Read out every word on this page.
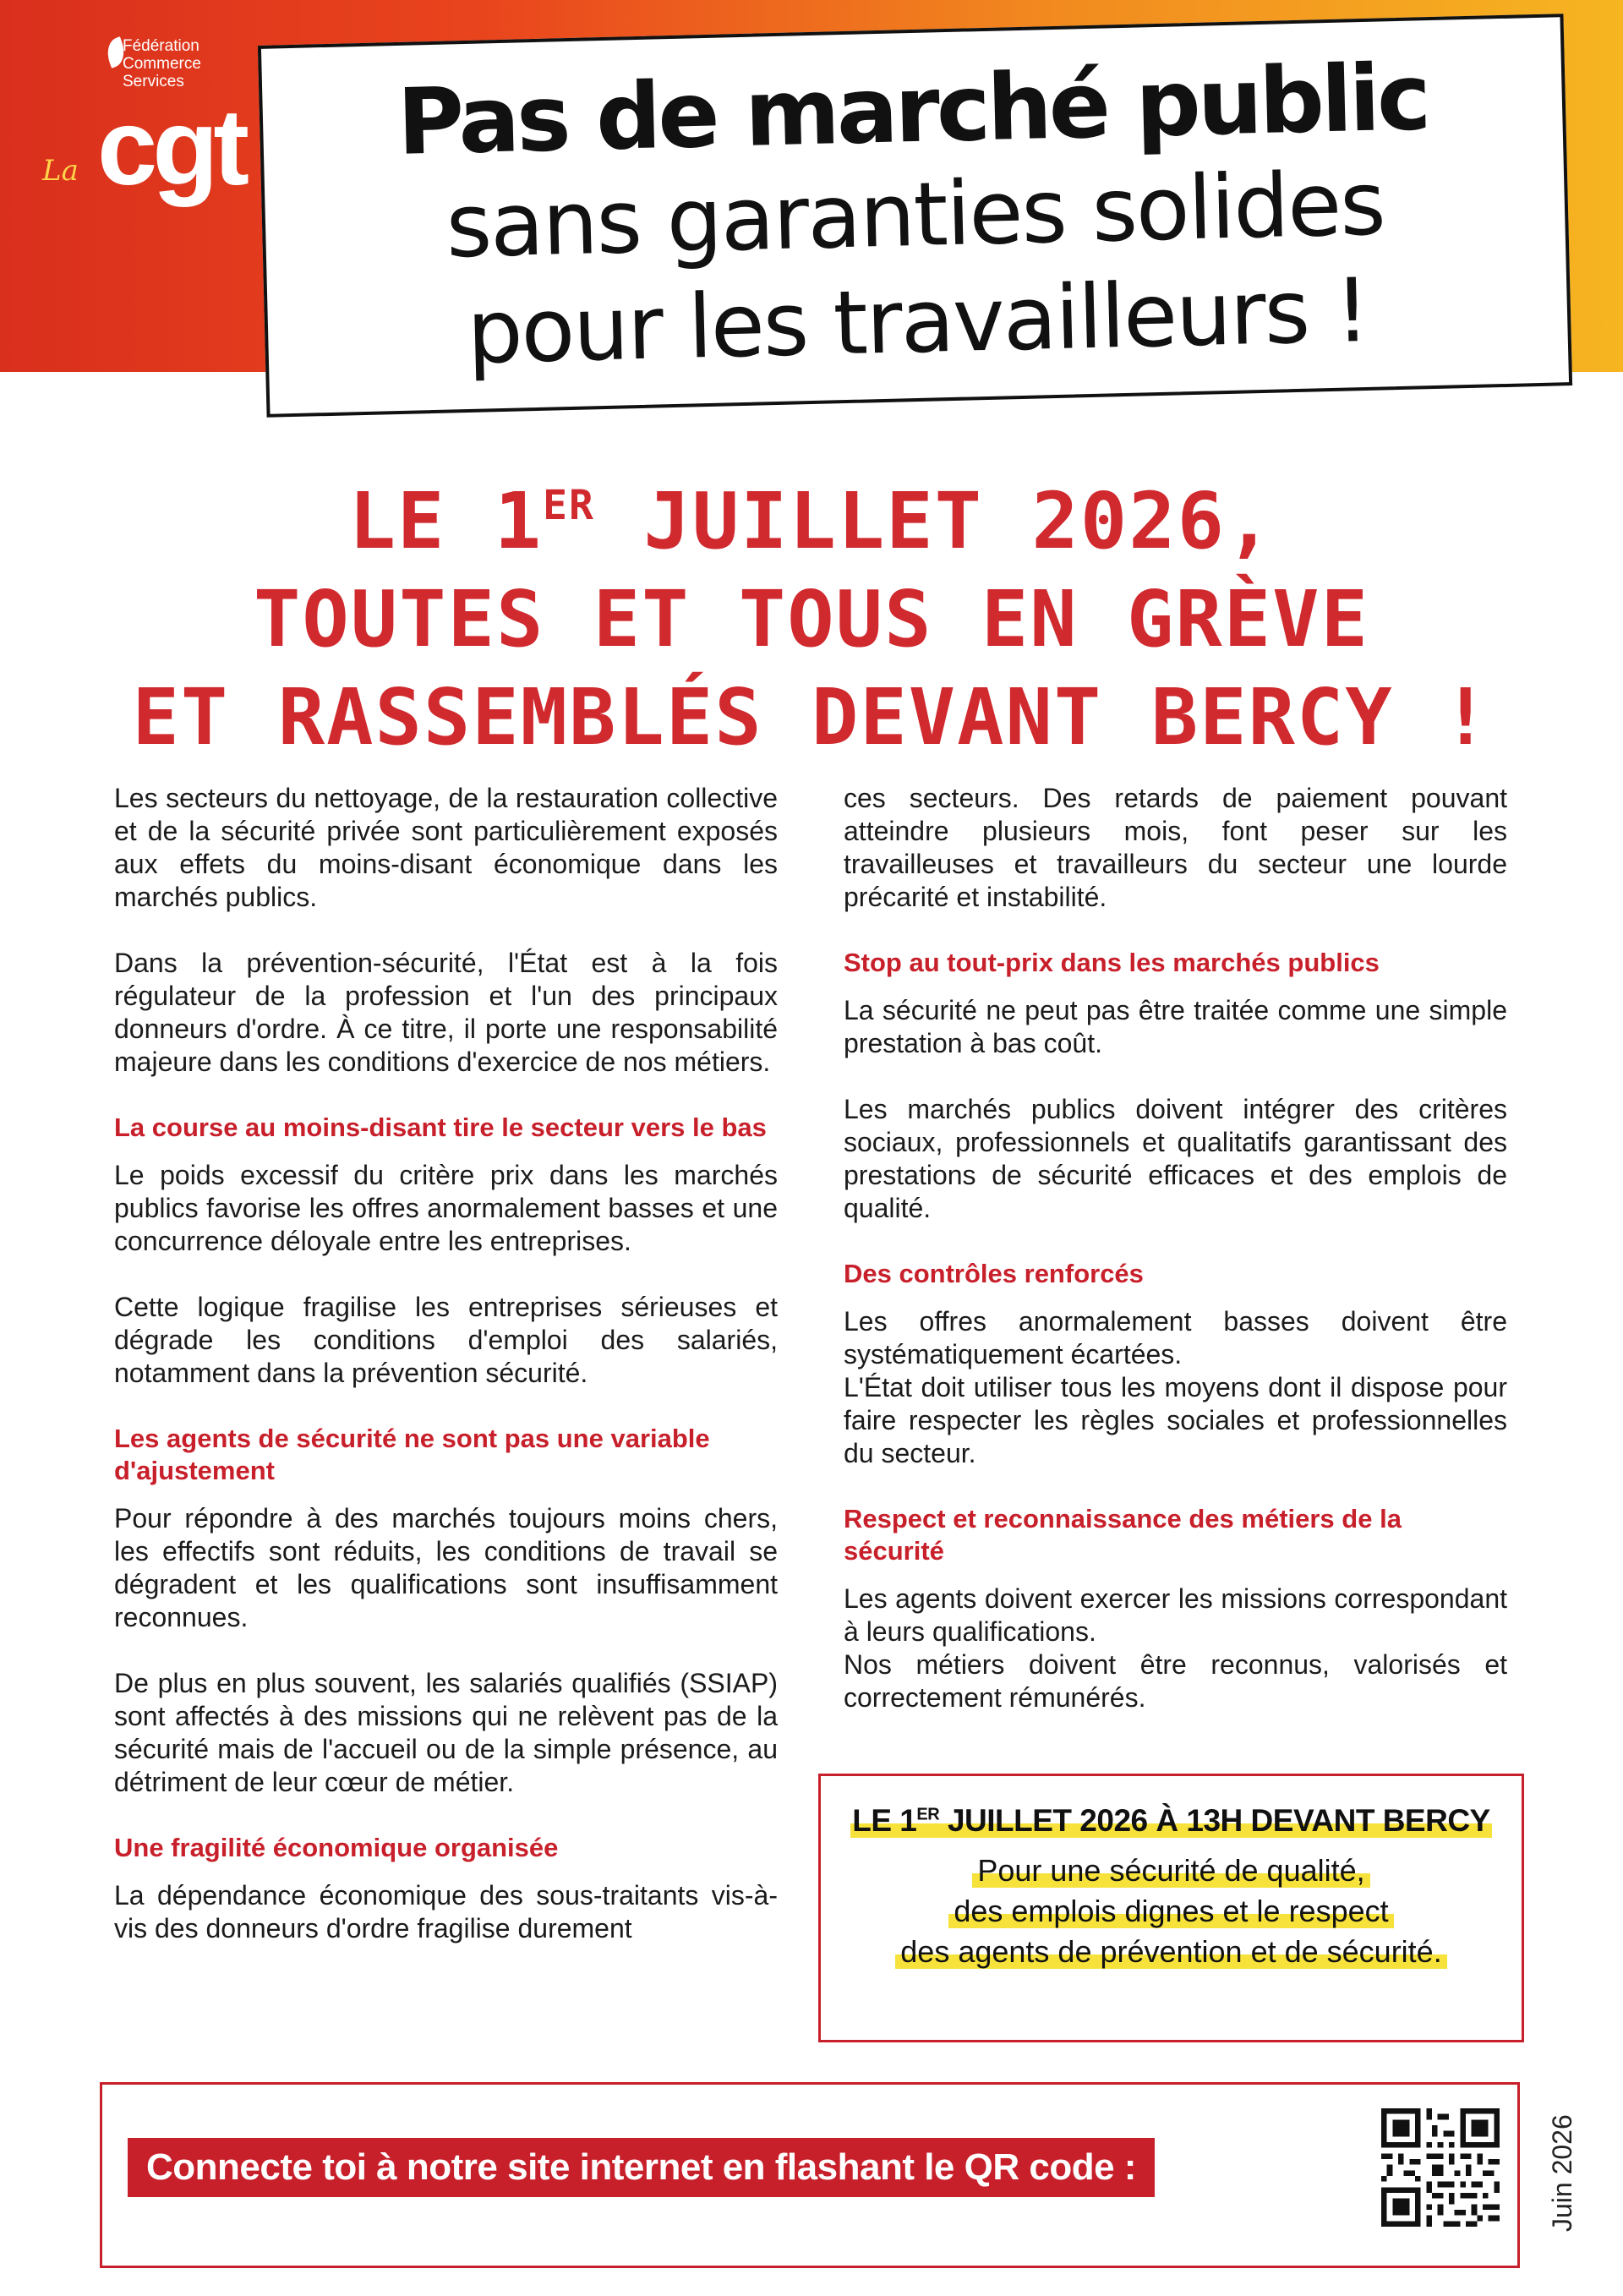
Fédération
Commerce
Services
cgt
La	Pas de marché public
sans garanties solides
pour les travailleurs !
LE 1ER JUILLET 2026,
TOUTES ET TOUS EN GRÈVE
ET RASSEMBLÉS DEVANT BERCY !

Les secteurs du nettoyage, de la restauration collective et de la sécurité privée sont particulièrement exposés aux effets du moins-disant économique dans les marchés publics.

Dans la prévention-sécurité, l'État est à la fois régulateur de la profession et l'un des principaux donneurs d'ordre. À ce titre, il porte une responsabilité majeure dans les conditions d'exercice de nos métiers.

La course au moins-disant tire le secteur vers le bas

Le poids excessif du critère prix dans les marchés publics favorise les offres anormalement basses et une concurrence déloyale entre les entreprises.

Cette logique fragilise les entreprises sérieuses et dégrade les conditions d'emploi des salariés, notamment dans la prévention sécurité.

Les agents de sécurité ne sont pas une variable d'ajustement

Pour répondre à des marchés toujours moins chers, les effectifs sont réduits, les conditions de travail se dégradent et les qualifications sont insuffisamment reconnues.

De plus en plus souvent, les salariés qualifiés (SSIAP) sont affectés à des missions qui ne relèvent pas de la sécurité mais de l'accueil ou de la simple présence, au détriment de leur cœur de métier.

Une fragilité économique organisée

La dépendance économique des sous-traitants vis-à-vis des donneurs d'ordre fragilise durement

ces secteurs. Des retards de paiement pouvant atteindre plusieurs mois, font peser sur les travailleuses et travailleurs du secteur une lourde précarité et instabilité.

Stop au tout-prix dans les marchés publics

La sécurité ne peut pas être traitée comme une simple prestation à bas coût.

Les marchés publics doivent intégrer des critères sociaux, professionnels et qualitatifs garantissant des prestations de sécurité efficaces et des emplois de qualité.

Des contrôles renforcés

Les offres anormalement basses doivent être systématiquement écartées.

L'État doit utiliser tous les moyens dont il dispose pour faire respecter les règles sociales et professionnelles du secteur.

Respect et reconnaissance des métiers de la sécurité

Les agents doivent exercer les missions correspondant à leurs qualifications.

Nos métiers doivent être reconnus, valorisés et correctement rémunérés.

LE 1ER JUILLET 2026 À 13H DEVANT BERCY
Pour une sécurité de qualité,
des emplois dignes et le respect
des agents de prévention et de sécurité.
Connecte toi à notre site internet en flashant le QR code :	Juin 2026
